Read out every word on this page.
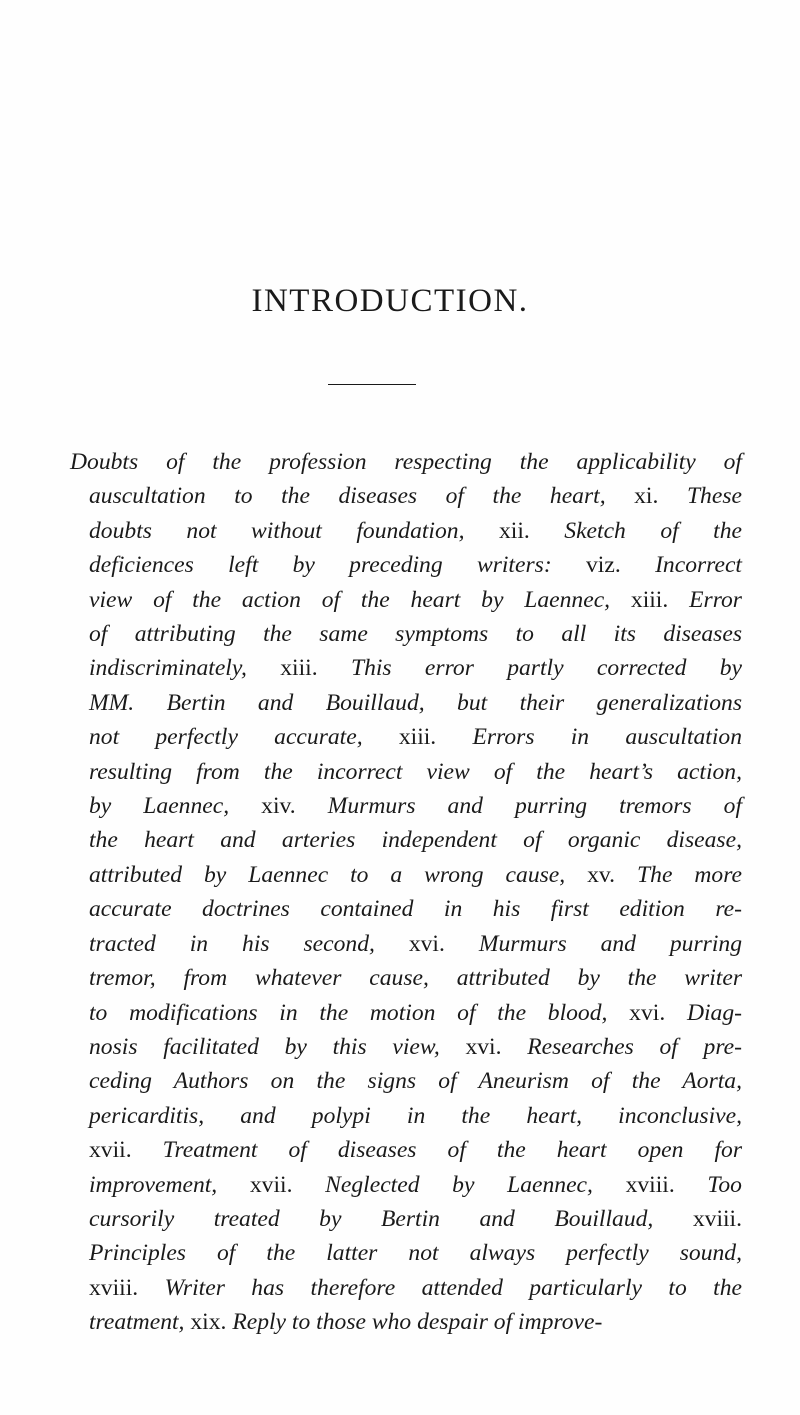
INTRODUCTION.
Doubts of the profession respecting the applicability of
auscultation to the diseases of the heart, xi. These
doubts not without foundation, xii. Sketch of the
deficiences left by preceding writers: viz. Incorrect
view of the action of the heart by Laennec, xiii. Error
of attributing the same symptoms to all its diseases
indiscriminately, xiii. This error partly corrected by
MM. Bertin and Bouillaud, but their generalizations
not perfectly accurate, xiii. Errors in auscultation
resulting from the incorrect view of the heart’s action,
by Laennec, xiv. Murmurs and purring tremors of
the heart and arteries independent of organic disease,
attributed by Laennec to a wrong cause, xv. The more
accurate doctrines contained in his first edition re-
tracted in his second, xvi. Murmurs and purring
tremor, from whatever cause, attributed by the writer
to modifications in the motion of the blood, xvi. Diag-
nosis facilitated by this view, xvi. Researches of pre-
ceding Authors on the signs of Aneurism of the Aorta,
pericarditis, and polypi in the heart, inconclusive,
xvii. Treatment of diseases of the heart open for
improvement, xvii. Neglected by Laennec, xviii. Too
cursorily treated by Bertin and Bouillaud, xviii.
Principles of the latter not always perfectly sound,
xviii. Writer has therefore attended particularly to the
treatment, xix. Reply to those who despair of improve-
